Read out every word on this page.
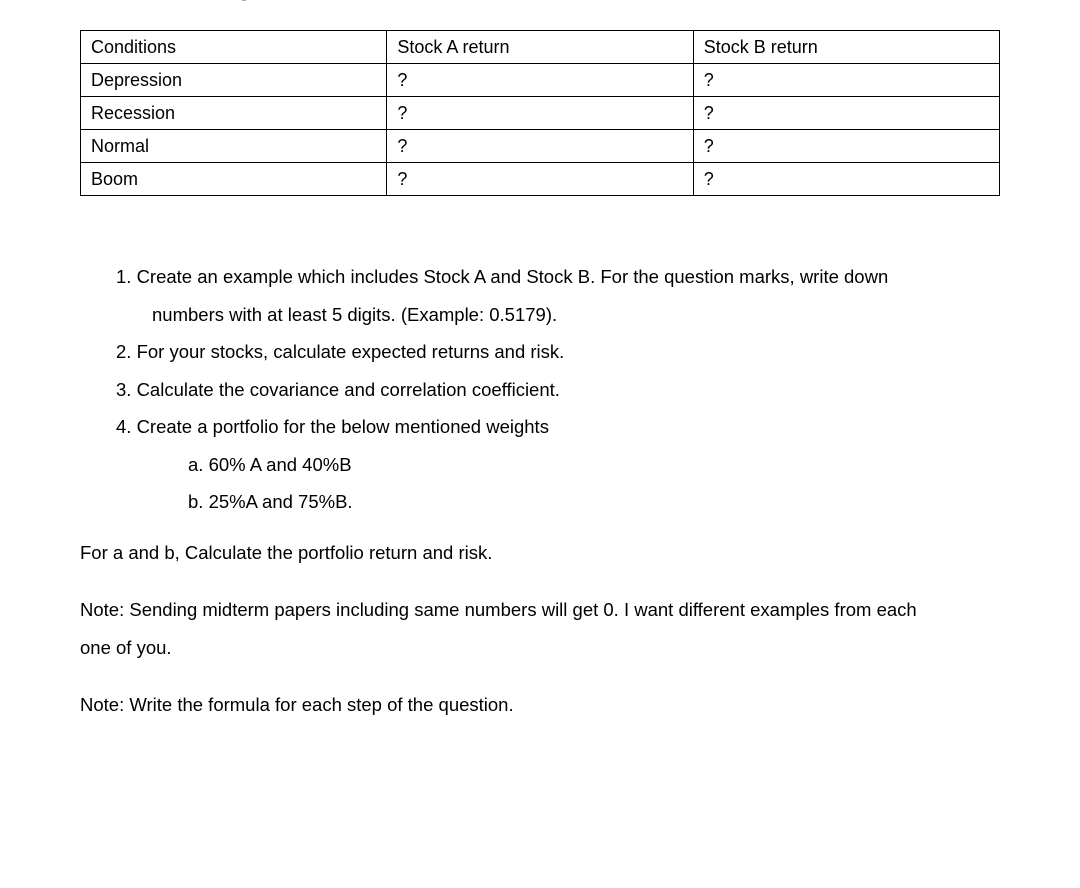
Conditions	Stock A return	Stock B return
Depression	?	?
Recession	?	?
Normal	?	?
Boom	?	?
1. Create an example which includes Stock A and Stock B. For the question marks, write down
numbers with at least 5 digits. (Example: 0.5179).
2. For your stocks, calculate expected returns and risk.
3. Calculate the covariance and correlation coefficient.
4. Create a portfolio for the below mentioned weights
a. 60% A and 40%B
b. 25%A and 75%B.
For a and b, Calculate the portfolio return and risk.
Note: Sending midterm papers including same numbers will get 0. I want different examples from each
one of you.
Note: Write the formula for each step of the question.
